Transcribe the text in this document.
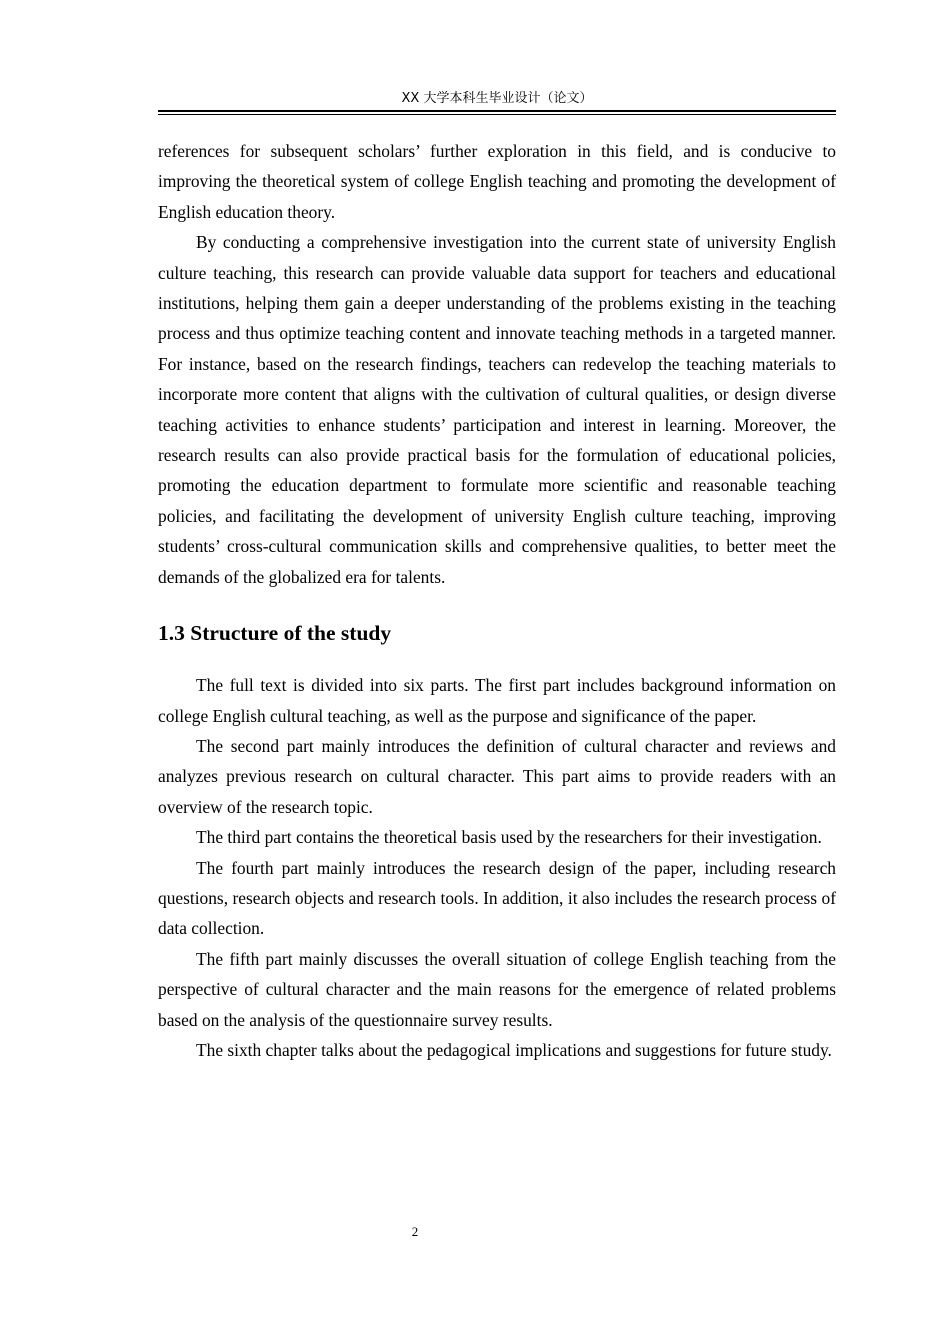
XX 大学本科生毕业设计（论文）

references for subsequent scholars’ further exploration in this field, and is conducive to improving the theoretical system of college English teaching and promoting the development of English education theory.

By conducting a comprehensive investigation into the current state of university English culture teaching, this research can provide valuable data support for teachers and educational institutions, helping them gain a deeper understanding of the problems existing in the teaching process and thus optimize teaching content and innovate teaching methods in a targeted manner. For instance, based on the research findings, teachers can redevelop the teaching materials to incorporate more content that aligns with the cultivation of cultural qualities, or design diverse teaching activities to enhance students’ participation and interest in learning. Moreover, the research results can also provide practical basis for the formulation of educational policies, promoting the education department to formulate more scientific and reasonable teaching policies, and facilitating the development of university English culture teaching, improving students’ cross-cultural communication skills and comprehensive qualities, to better meet the demands of the globalized era for talents.

1.3 Structure of the study

The full text is divided into six parts. The first part includes background information on college English cultural teaching, as well as the purpose and significance of the paper.

The second part mainly introduces the definition of cultural character and reviews and analyzes previous research on cultural character. This part aims to provide readers with an overview of the research topic.

The third part contains the theoretical basis used by the researchers for their investigation.

The fourth part mainly introduces the research design of the paper, including research questions, research objects and research tools. In addition, it also includes the research process of data collection.

The fifth part mainly discusses the overall situation of college English teaching from the perspective of cultural character and the main reasons for the emergence of related problems based on the analysis of the questionnaire survey results.

The sixth chapter talks about the pedagogical implications and suggestions for future study.

2
